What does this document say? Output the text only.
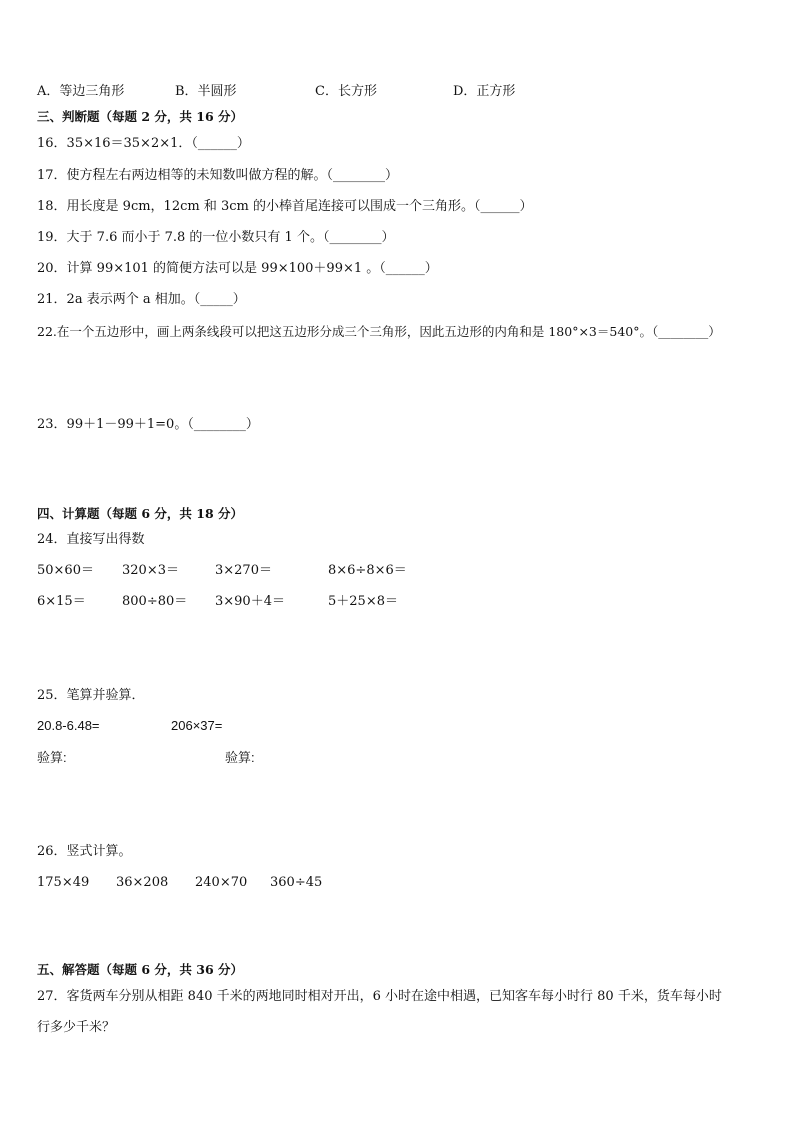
A．等边三角形	B．半圆形	C．长方形	D．正方形
三、判断题（每题 2 分，共 16 分）
16．35×16＝35×2×1．（______）
17．使方程左右两边相等的未知数叫做方程的解。（________）
18．用长度是 9cm，12cm 和 3cm 的小棒首尾连接可以围成一个三角形。（______）
19．大于 7.6 而小于 7.8 的一位小数只有 1 个。（________）
20．计算 99×101 的简便方法可以是 99×100＋99×1 。（______）
21．2a 表示两个 a 相加。（_____）
22.在一个五边形中，画上两条线段可以把这五边形分成三个三角形，因此五边形的内角和是 180°×3＝540°。（________）
23．99＋1－99＋1=0。（________）
四、计算题（每题 6 分，共 18 分）
24．直接写出得数
50×60＝ 320×3＝	3×270＝	8×6÷8×6＝
6×15＝	800÷80＝ 3×90＋4＝	5＋25×8＝
25．笔算并验算．
20.8-6.48=	206×37=
验算:	验算:
26．竖式计算。
175×49 36×208 240×70 360÷45
五、解答题（每题 6 分，共 36 分）
27．客货两车分别从相距 840 千米的两地同时相对开出，6 小时在途中相遇，已知客车每小时行 80 千米，货车每小时
行多少千米？
